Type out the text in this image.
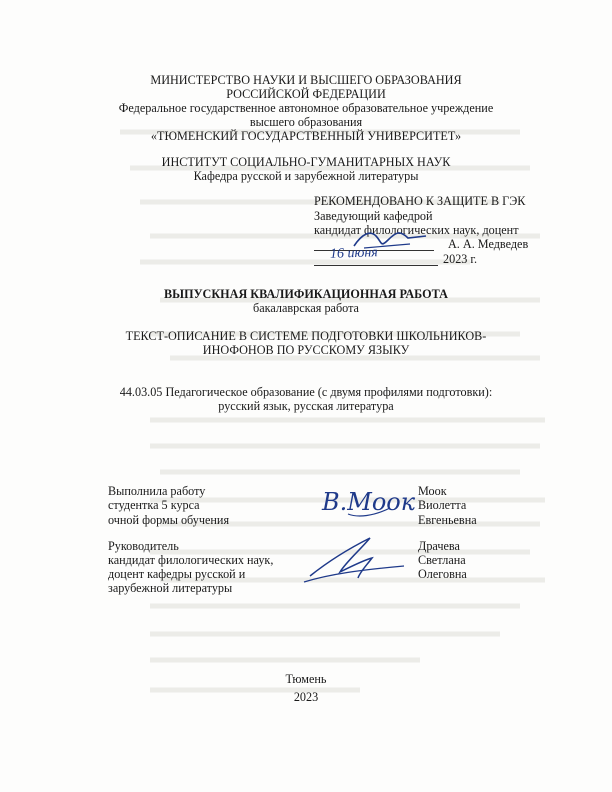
МИНИСТЕРСТВО НАУКИ И ВЫСШЕГО ОБРАЗОВАНИЯ
РОССИЙСКОЙ ФЕДЕРАЦИИ
Федеральное государственное автономное образовательное учреждение
высшего образования
«ТЮМЕНСКИЙ ГОСУДАРСТВЕННЫЙ УНИВЕРСИТЕТ»
ИНСТИТУТ СОЦИАЛЬНО-ГУМАНИТАРНЫХ НАУК
Кафедра русской и зарубежной литературы
РЕКОМЕНДОВАНО К ЗАЩИТЕ В ГЭК
Заведующий кафедрой
кандидат филологических наук, доцент
А. А. Медведев
16 июня	2023 г.
ВЫПУСКНАЯ КВАЛИФИКАЦИОННАЯ РАБОТА
бакалаврская работа
ТЕКСТ-ОПИСАНИЕ В СИСТЕМЕ ПОДГОТОВКИ ШКОЛЬНИКОВ-
ИНОФОНОВ ПО РУССКОМУ ЯЗЫКУ
44.03.05 Педагогическое образование (с двумя профилями подготовки):
русский язык, русская литература
Выполнила работу
студентка 5 курса
очной формы обучения
В.Моок Моок
Виолетта
Евгеньевна
Руководитель
кандидат филологических наук,
доцент кафедры русской и
зарубежной литературы
Драчева
Светлана
Олеговна
Тюмень
2023
